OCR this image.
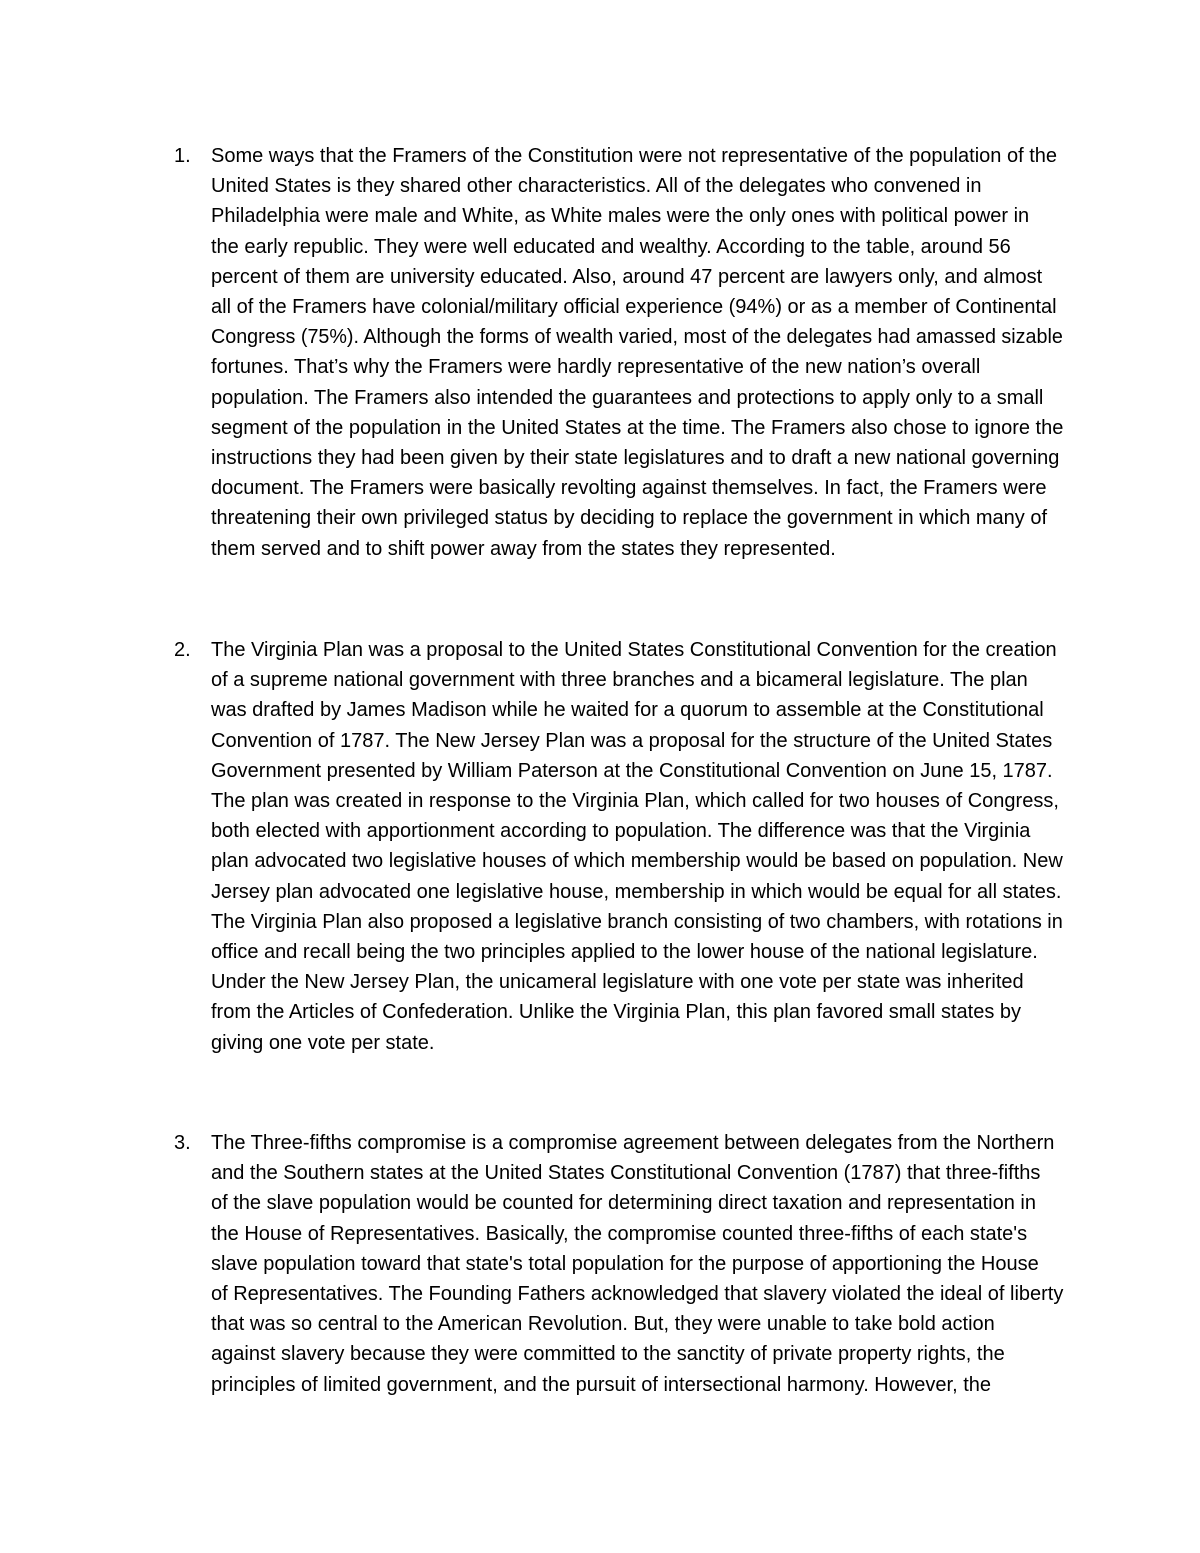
1. Some ways that the Framers of the Constitution were not representative of the population of the
United States is they shared other characteristics. All of the delegates who convened in
Philadelphia were male and White, as White males were the only ones with political power in
the early republic. They were well educated and wealthy. According to the table, around 56
percent of them are university educated. Also, around 47 percent are lawyers only, and almost
all of the Framers have colonial/military official experience (94%) or as a member of Continental
Congress (75%). Although the forms of wealth varied, most of the delegates had amassed sizable
fortunes. That’s why the Framers were hardly representative of the new nation’s overall
population. The Framers also intended the guarantees and protections to apply only to a small
segment of the population in the United States at the time. The Framers also chose to ignore the
instructions they had been given by their state legislatures and to draft a new national governing
document. The Framers were basically revolting against themselves. In fact, the Framers were
threatening their own privileged status by deciding to replace the government in which many of
them served and to shift power away from the states they represented.

2. The Virginia Plan was a proposal to the United States Constitutional Convention for the creation
of a supreme national government with three branches and a bicameral legislature. The plan
was drafted by James Madison while he waited for a quorum to assemble at the Constitutional
Convention of 1787. The New Jersey Plan was a proposal for the structure of the United States
Government presented by William Paterson at the Constitutional Convention on June 15, 1787.
The plan was created in response to the Virginia Plan, which called for two houses of Congress,
both elected with apportionment according to population. The difference was that the Virginia
plan advocated two legislative houses of which membership would be based on population. New
Jersey plan advocated one legislative house, membership in which would be equal for all states.
The Virginia Plan also proposed a legislative branch consisting of two chambers, with rotations in
office and recall being the two principles applied to the lower house of the national legislature.
Under the New Jersey Plan, the unicameral legislature with one vote per state was inherited
from the Articles of Confederation. Unlike the Virginia Plan, this plan favored small states by
giving one vote per state.

3. The Three-fifths compromise is a compromise agreement between delegates from the Northern
and the Southern states at the United States Constitutional Convention (1787) that three-fifths
of the slave population would be counted for determining direct taxation and representation in
the House of Representatives. Basically, the compromise counted three-fifths of each state's
slave population toward that state's total population for the purpose of apportioning the House
of Representatives. The Founding Fathers acknowledged that slavery violated the ideal of liberty
that was so central to the American Revolution. But, they were unable to take bold action
against slavery because they were committed to the sanctity of private property rights, the
principles of limited government, and the pursuit of intersectional harmony. However, the
